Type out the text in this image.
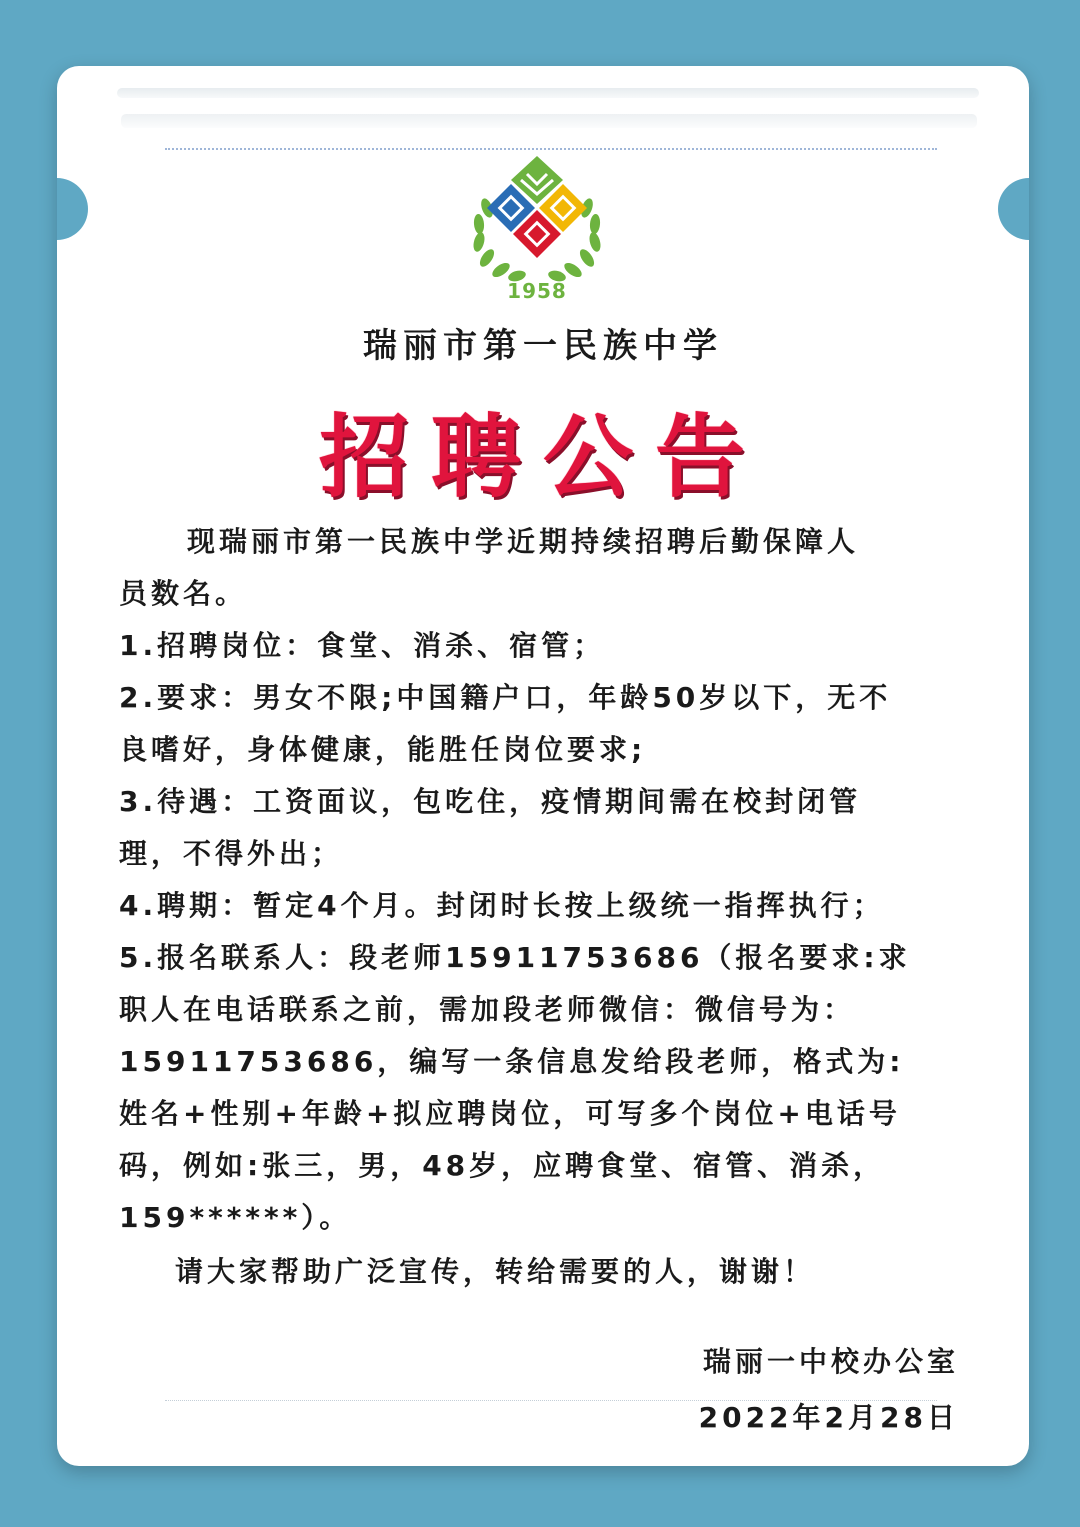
1958
瑞丽市第一民族中学
招聘公告

现瑞丽市第一民族中学近期持续招聘后勤保障人

员数名。

1.招聘岗位：食堂、消杀、宿管；

2.要求：男女不限;中国籍户口，年龄50岁以下，无不

良嗜好，身体健康，能胜任岗位要求;

3.待遇：工资面议，包吃住，疫情期间需在校封闭管

理，不得外出；

4.聘期：暂定4个月。封闭时长按上级统一指挥执行；

5.报名联系人：段老师15911753686（报名要求:求

职人在电话联系之前，需加段老师微信：微信号为：

15911753686，编写一条信息发给段老师，格式为:

姓名+性别+年龄+拟应聘岗位，可写多个岗位+电话号

码，例如:张三，男，48岁，应聘食堂、宿管、消杀，

159******）。

请大家帮助广泛宣传，转给需要的人，谢谢！

瑞丽一中校办公室
2022年2月28日
